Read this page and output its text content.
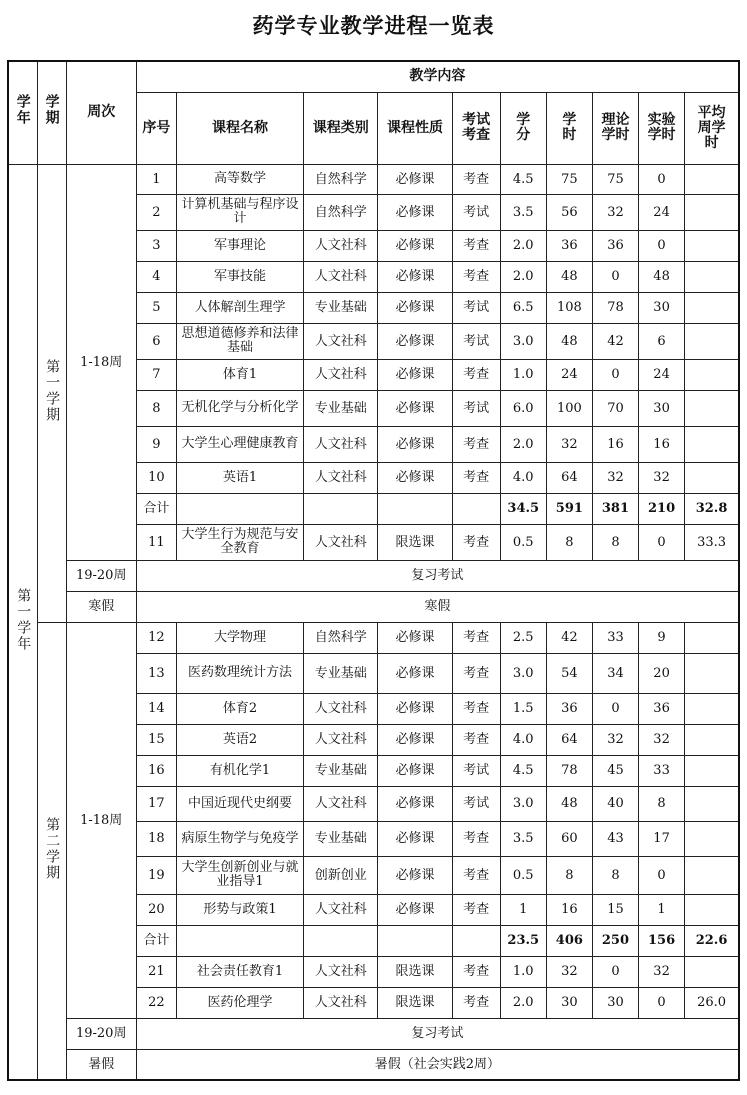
药学专业教学进程一览表
学年	学期	周次	教学内容									
			序号	课程名称	课程类别	课程性质	考试考查	学分	学时	理论学时	实验学时	平均周学时
第一学年	第一学期	1-18周	1	高等数学	自然科学	必修课	考查	4.5	75	75	0	
			2	计算机基础与程序设计	自然科学	必修课	考试	3.5	56	32	24	
			3	军事理论	人文社科	必修课	考查	2.0	36	36	0	
			4	军事技能	人文社科	必修课	考查	2.0	48	0	48	
			5	人体解剖生理学	专业基础	必修课	考试	6.5	108	78	30	
			6	思想道德修养和法律基础	人文社科	必修课	考试	3.0	48	42	6	
			7	体育1	人文社科	必修课	考查	1.0	24	0	24	
			8	无机化学与分析化学	专业基础	必修课	考试	6.0	100	70	30	
			9	大学生心理健康教育	人文社科	必修课	考查	2.0	32	16	16	
			10	英语1	人文社科	必修课	考查	4.0	64	32	32	
			合计					34.5	591	381	210	32.8
			11	大学生行为规范与安全教育	人文社科	限选课	考查	0.5	8	8	0	33.3
		19-20周	复习考试									
		寒假	寒假									
	第二学期	1-18周	12	大学物理	自然科学	必修课	考查	2.5	42	33	9	
			13	医药数理统计方法	专业基础	必修课	考查	3.0	54	34	20	
			14	体育2	人文社科	必修课	考查	1.5	36	0	36	
			15	英语2	人文社科	必修课	考查	4.0	64	32	32	
			16	有机化学1	专业基础	必修课	考试	4.5	78	45	33	
			17	中国近现代史纲要	人文社科	必修课	考试	3.0	48	40	8	
			18	病原生物学与免疫学	专业基础	必修课	考查	3.5	60	43	17	
			19	大学生创新创业与就业指导1	创新创业	必修课	考查	0.5	8	8	0	
			20	形势与政策1	人文社科	必修课	考查	1	16	15	1	
			合计					23.5	406	250	156	22.6
			21	社会责任教育1	人文社科	限选课	考查	1.0	32	0	32	
			22	医药伦理学	人文社科	限选课	考查	2.0	30	30	0	26.0
		19-20周	复习考试									
		暑假	暑假（社会实践2周）									
